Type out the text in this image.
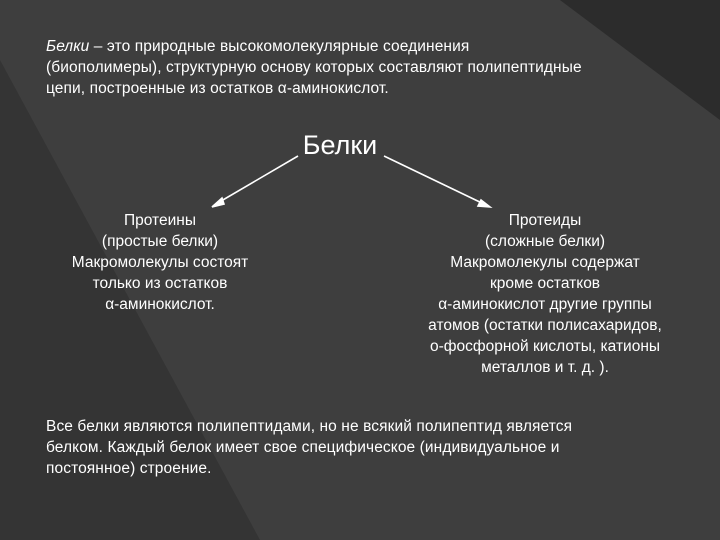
Белки – это природные высокомолекулярные соединения
(биополимеры), структурную основу которых составляют полипептидные
цепи, построенные из остатков α-аминокислот.
Белки
Протеины
(простые белки)
Макромолекулы состоят
только из остатков
α-аминокислот.
Протеиды
(сложные белки)
Макромолекулы содержат
кроме остатков
α-аминокислот другие группы
атомов (остатки полисахаридов,
о-фосфорной кислоты, катионы
металлов и т. д. ).
Все белки являются полипептидами, но не всякий полипептид является
белком. Каждый белок имеет свое специфическое (индивидуальное и
постоянное) строение.
